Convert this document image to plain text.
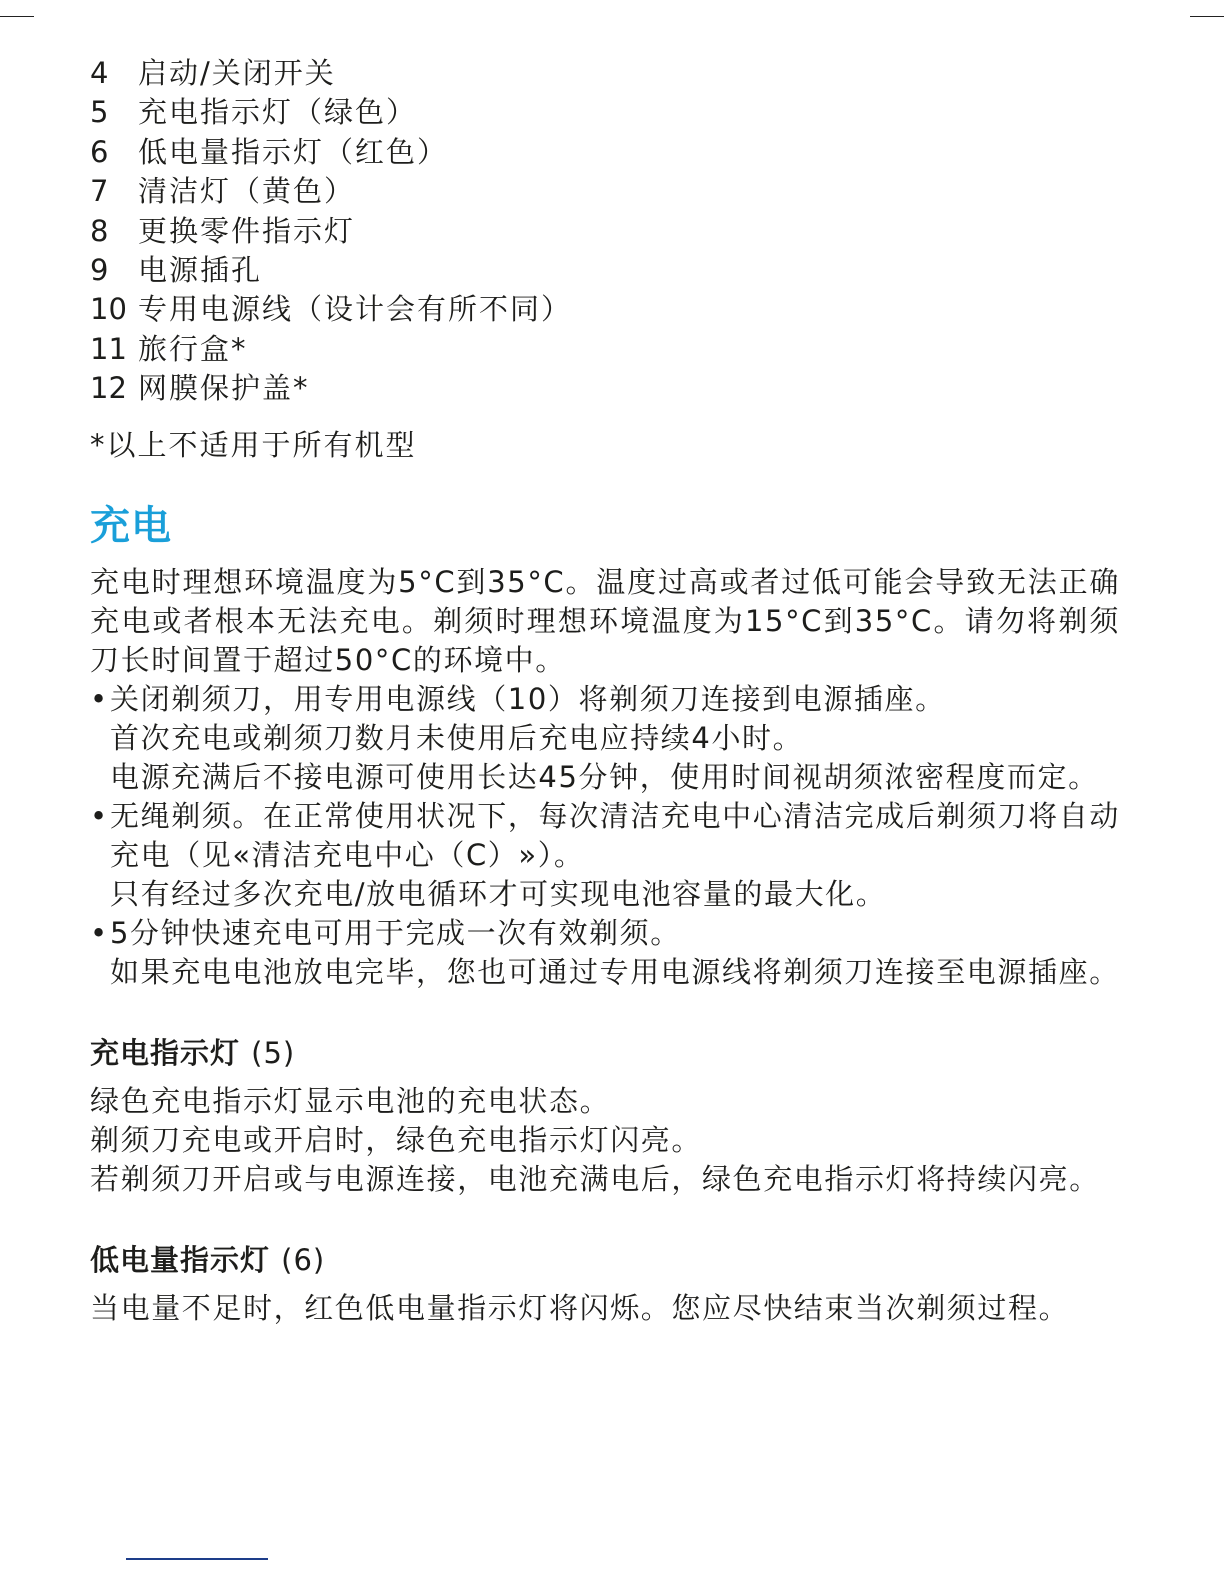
4 启动/关闭开关
5 充电指示灯（绿色）
6 低电量指示灯（红色）
7 清洁灯（黄色）
8 更换零件指示灯
9 电源插孔
10 专用电源线（设计会有所不同）
11 旅行盒*
12 网膜保护盖*
*以上不适用于所有机型
充电
充电时理想环境温度为5°C到35°C。温度过高或者过低可能会导致无法正确充电或者根本无法充电。剃须时理想环境温度为15°C到35°C。请勿将剃须刀长时间置于超过50°C的环境中。
• 关闭剃须刀，用专用电源线（10）将剃须刀连接到电源插座。
首次充电或剃须刀数月未使用后充电应持续4小时。
电源充满后不接电源可使用长达45分钟，使用时间视胡须浓密程度而定。
• 无绳剃须。在正常使用状况下，每次清洁充电中心清洁完成后剃须刀将自动充电（见«清洁充电中心（C）»）。
只有经过多次充电/放电循环才可实现电池容量的最大化。
• 5分钟快速充电可用于完成一次有效剃须。
如果充电电池放电完毕，您也可通过专用电源线将剃须刀连接至电源插座。
充电指示灯 (5)
绿色充电指示灯显示电池的充电状态。
剃须刀充电或开启时，绿色充电指示灯闪亮。
若剃须刀开启或与电源连接，电池充满电后，绿色充电指示灯将持续闪亮。
低电量指示灯 (6)
当电量不足时，红色低电量指示灯将闪烁。您应尽快结束当次剃须过程。
